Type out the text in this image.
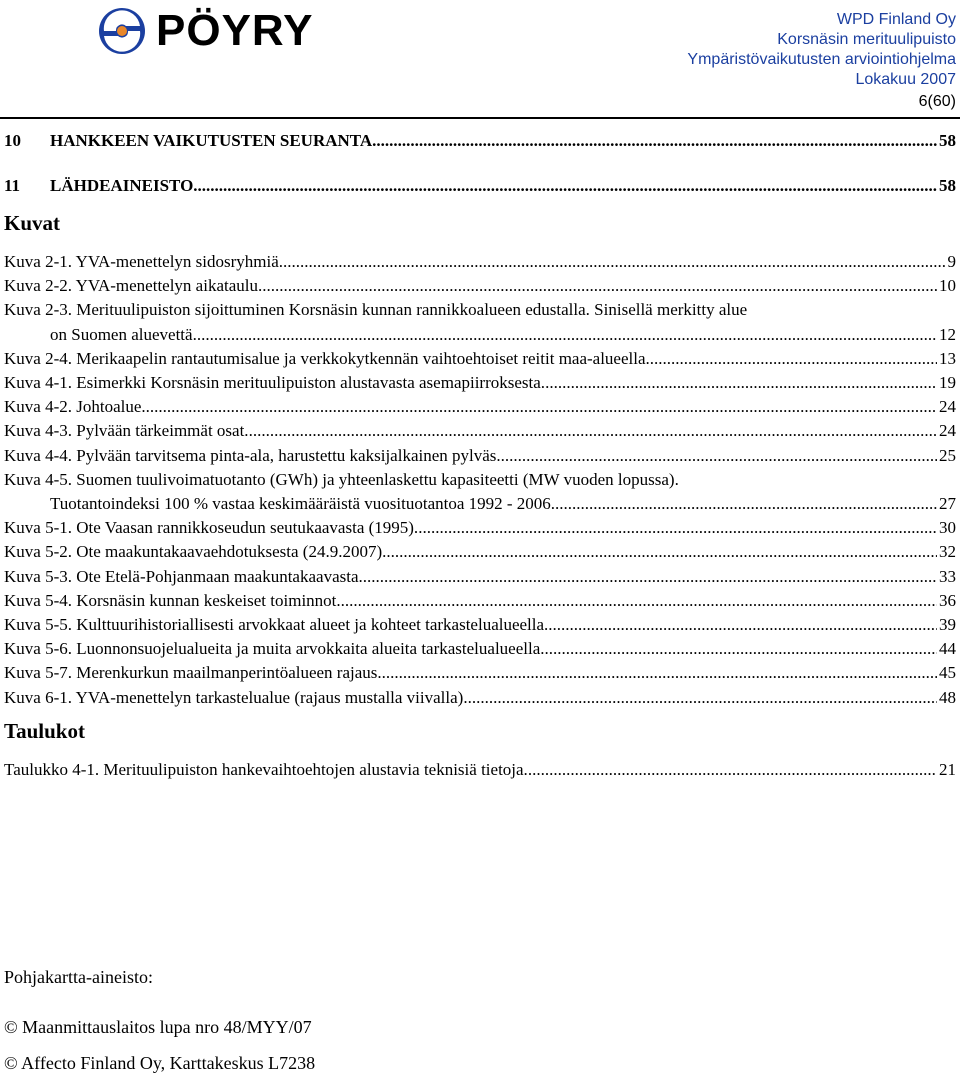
PÖYRY	WPD Finland Oy
Korsnäsin merituulipuisto
Ympäristövaikutusten arviointiohjelma
Lokakuu 2007
6(60)
10	HANKKEEN VAIKUTUSTEN SEURANTA .....	58
11	LÄHDEAINEISTO .....	58
Kuvat
Kuva 2-1. YVA-menettelyn sidosryhmiä. .....	9
Kuva 2-2. YVA-menettelyn aikataulu. .....	10
Kuva 2-3. Merituulipuiston sijoittuminen Korsnäsin kunnan rannikkoalueen edustalla. Sinisellä merkitty alue
on Suomen aluevettä. .....	12
Kuva 2-4. Merikaapelin rantautumisalue ja verkkokytkennän vaihtoehtoiset reitit maa-alueella. .....	13
Kuva 4-1. Esimerkki Korsnäsin merituulipuiston alustavasta asemapiirroksesta. .....	19
Kuva 4-2. Johtoalue. .....	24
Kuva 4-3. Pylvään tärkeimmät osat. .....	24
Kuva 4-4. Pylvään tarvitsema pinta-ala, harustettu kaksijalkainen pylväs. .....	25
Kuva 4-5. Suomen tuulivoimatuotanto (GWh) ja yhteenlaskettu kapasiteetti (MW vuoden lopussa).
Tuotantoindeksi 100 % vastaa keskimääräistä vuosituotantoa 1992 - 2006. .....	27
Kuva 5-1. Ote Vaasan rannikkoseudun seutukaavasta (1995). .....	30
Kuva 5-2. Ote maakuntakaavaehdotuksesta (24.9.2007). .....	32
Kuva 5-3. Ote Etelä-Pohjanmaan maakuntakaavasta. .....	33
Kuva 5-4. Korsnäsin kunnan keskeiset toiminnot. .....	36
Kuva 5-5. Kulttuurihistoriallisesti arvokkaat alueet ja kohteet tarkastelualueella. .....	39
Kuva 5-6. Luonnonsuojelualueita ja muita arvokkaita alueita tarkastelualueella. .....	44
Kuva 5-7. Merenkurkun maailmanperintöalueen rajaus. .....	45
Kuva 6-1. YVA-menettelyn tarkastelualue (rajaus mustalla viivalla). .....	48
Taulukot
Taulukko 4-1. Merituulipuiston hankevaihtoehtojen alustavia teknisiä tietoja. .....	21
Pohjakartta-aineisto:
© Maanmittauslaitos lupa nro 48/MYY/07
© Affecto Finland Oy, Karttakeskus L7238
